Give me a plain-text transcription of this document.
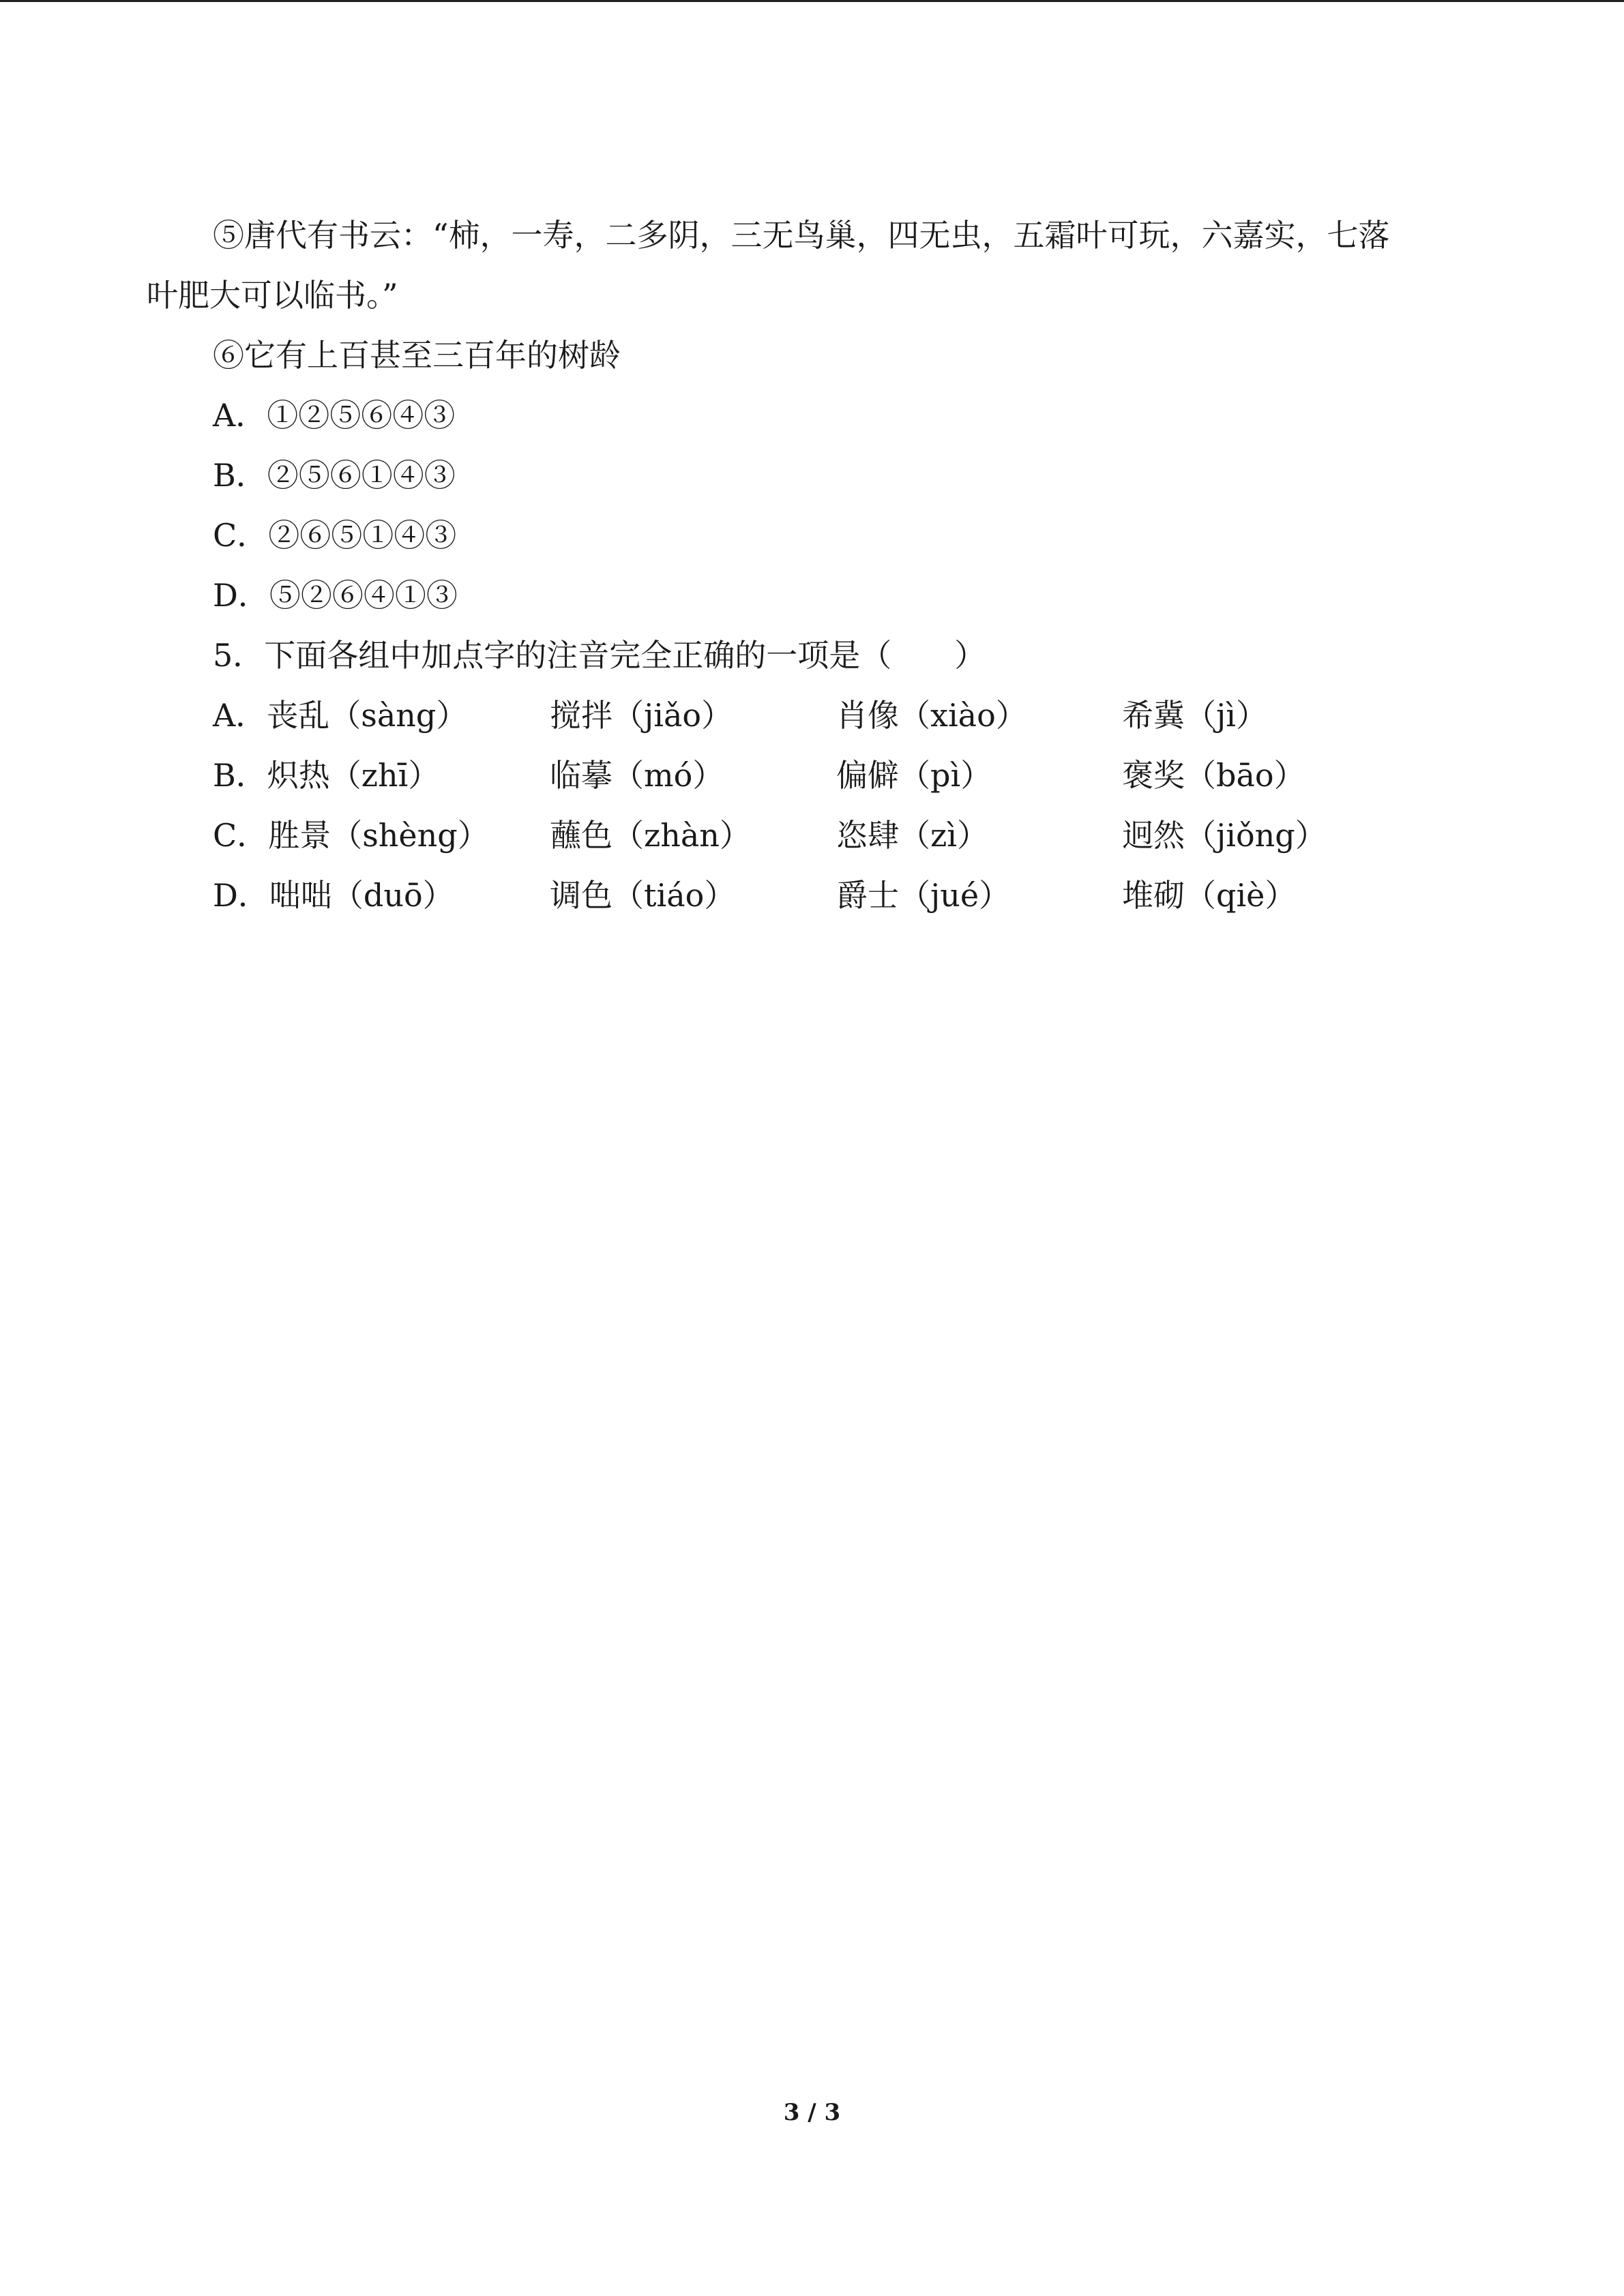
⑤唐代有书云：“柿，一寿，二多阴，三无鸟巢，四无虫，五霜叶可玩，六嘉实，七落
叶肥大可以临书。”
⑥它有上百甚至三百年的树龄
A．①②⑤⑥④③
B．②⑤⑥①④③
C．②⑥⑤①④③
D．⑤②⑥④①③
5．下面各组中加点字的注音完全正确的一项是（　　）
A．丧乱（sàng）	搅拌（jiǎo）	肖像（xiào）	希冀（jì）
B．炽热（zhī）	临摹（mó）	偏僻（pì）	褒奖（bāo）
C．胜景（shèng） 蘸色（zhàn）	恣肆（zì）	迥然（jiǒng）
D．咄咄（duō）	调色（tiáo）	爵士（jué）	堆砌（qiè）
3 / 3
